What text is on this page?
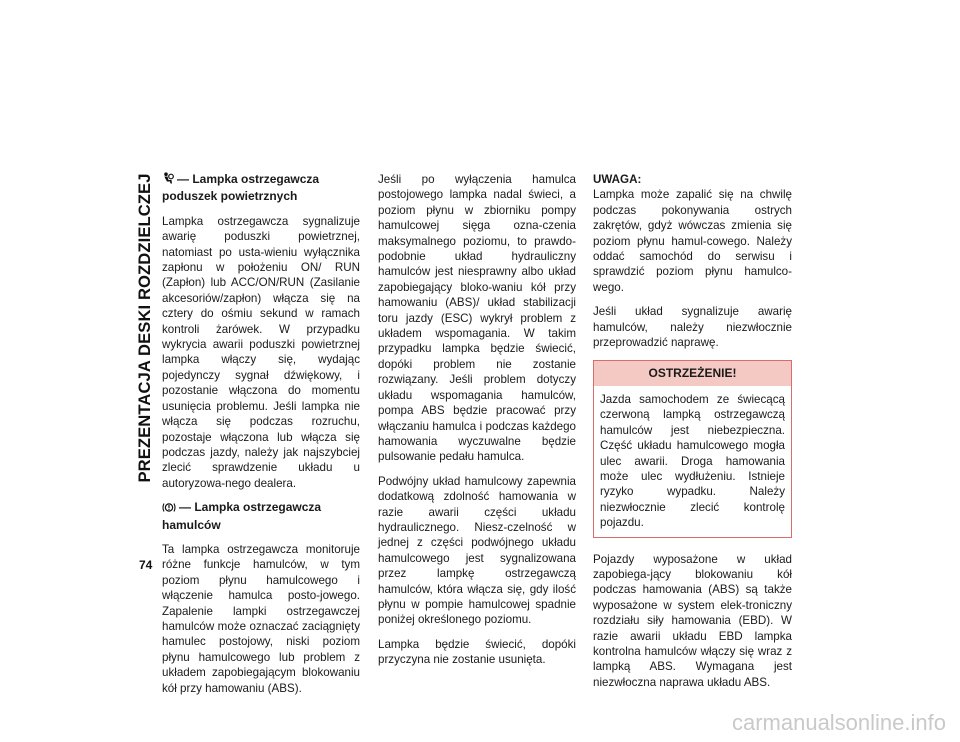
PREZENTACJA DESKI ROZDZIELCZEJ
74
— Lampka ostrzegawcza poduszek powietrznych

Lampka ostrzegawcza sygnalizuje awarię poduszki powietrznej, natomiast po usta-wieniu wyłącznika zapłonu w położeniu ON/ RUN (Zapłon) lub ACC/ON/RUN (Zasilanie akcesoriów/zapłon) włącza się na cztery do ośmiu sekund w ramach kontroli żarówek. W przypadku wykrycia awarii poduszki powietrznej lampka włączy się, wydając pojedynczy sygnał dźwiękowy, i pozostanie włączona do momentu usunięcia problemu. Jeśli lampka nie włącza się podczas rozruchu, pozostaje włączona lub włącza się podczas jazdy, należy jak najszybciej zlecić sprawdzenie układu u autoryzowa-nego dealera.

— Lampka ostrzegawcza hamulców

Ta lampka ostrzegawcza monitoruje różne funkcje hamulców, w tym poziom płynu hamulcowego i włączenie hamulca posto-jowego. Zapalenie lampki ostrzegawczej hamulców może oznaczać zaciągnięty hamulec postojowy, niski poziom płynu hamulcowego lub problem z układem zapobiegającym blokowaniu kół przy hamowaniu (ABS).

Jeśli po wyłączenia hamulca postojowego lampka nadal świeci, a poziom płynu w zbiorniku pompy hamulcowej sięga ozna-czenia maksymalnego poziomu, to prawdo-podobnie układ hydrauliczny hamulców jest niesprawny albo układ zapobiegający bloko-waniu kół przy hamowaniu (ABS)/ układ stabilizacji toru jazdy (ESC) wykrył problem z układem wspomagania. W takim przypadku lampka będzie świecić, dopóki problem nie zostanie rozwiązany. Jeśli problem dotyczy układu wspomagania hamulców, pompa ABS będzie pracować przy włączaniu hamulca i podczas każdego hamowania wyczuwalne będzie pulsowanie pedału hamulca.

Podwójny układ hamulcowy zapewnia dodatkową zdolność hamowania w razie awarii części układu hydraulicznego. Niesz-czelność w jednej z części podwójnego układu hamulcowego jest sygnalizowana przez lampkę ostrzegawczą hamulców, która włącza się, gdy ilość płynu w pompie hamulcowej spadnie poniżej określonego poziomu.

Lampka będzie świecić, dopóki przyczyna nie zostanie usunięta.

UWAGA:

Lampka może zapalić się na chwilę podczas pokonywania ostrych zakrętów, gdyż wówczas zmienia się poziom płynu hamul-cowego. Należy oddać samochód do serwisu i sprawdzić poziom płynu hamulco-wego.

Jeśli układ sygnalizuje awarię hamulców, należy niezwłocznie przeprowadzić naprawę.

OSTRZEŻENIE!
Jazda samochodem ze świecącą czerwoną lampką ostrzegawczą hamulców jest niebezpieczna. Część układu hamulcowego mogła ulec awarii. Droga hamowania może ulec wydłużeniu. Istnieje ryzyko wypadku. Należy niezwłocznie zlecić kontrolę pojazdu.

Pojazdy wyposażone w układ zapobiega-jący blokowaniu kół podczas hamowania (ABS) są także wyposażone w system elek-troniczny rozdziału siły hamowania (EBD). W razie awarii układu EBD lampka kontrolna hamulców włączy się wraz z lampką ABS. Wymagana jest niezwłoczna naprawa układu ABS.

carmanualsonline.info
